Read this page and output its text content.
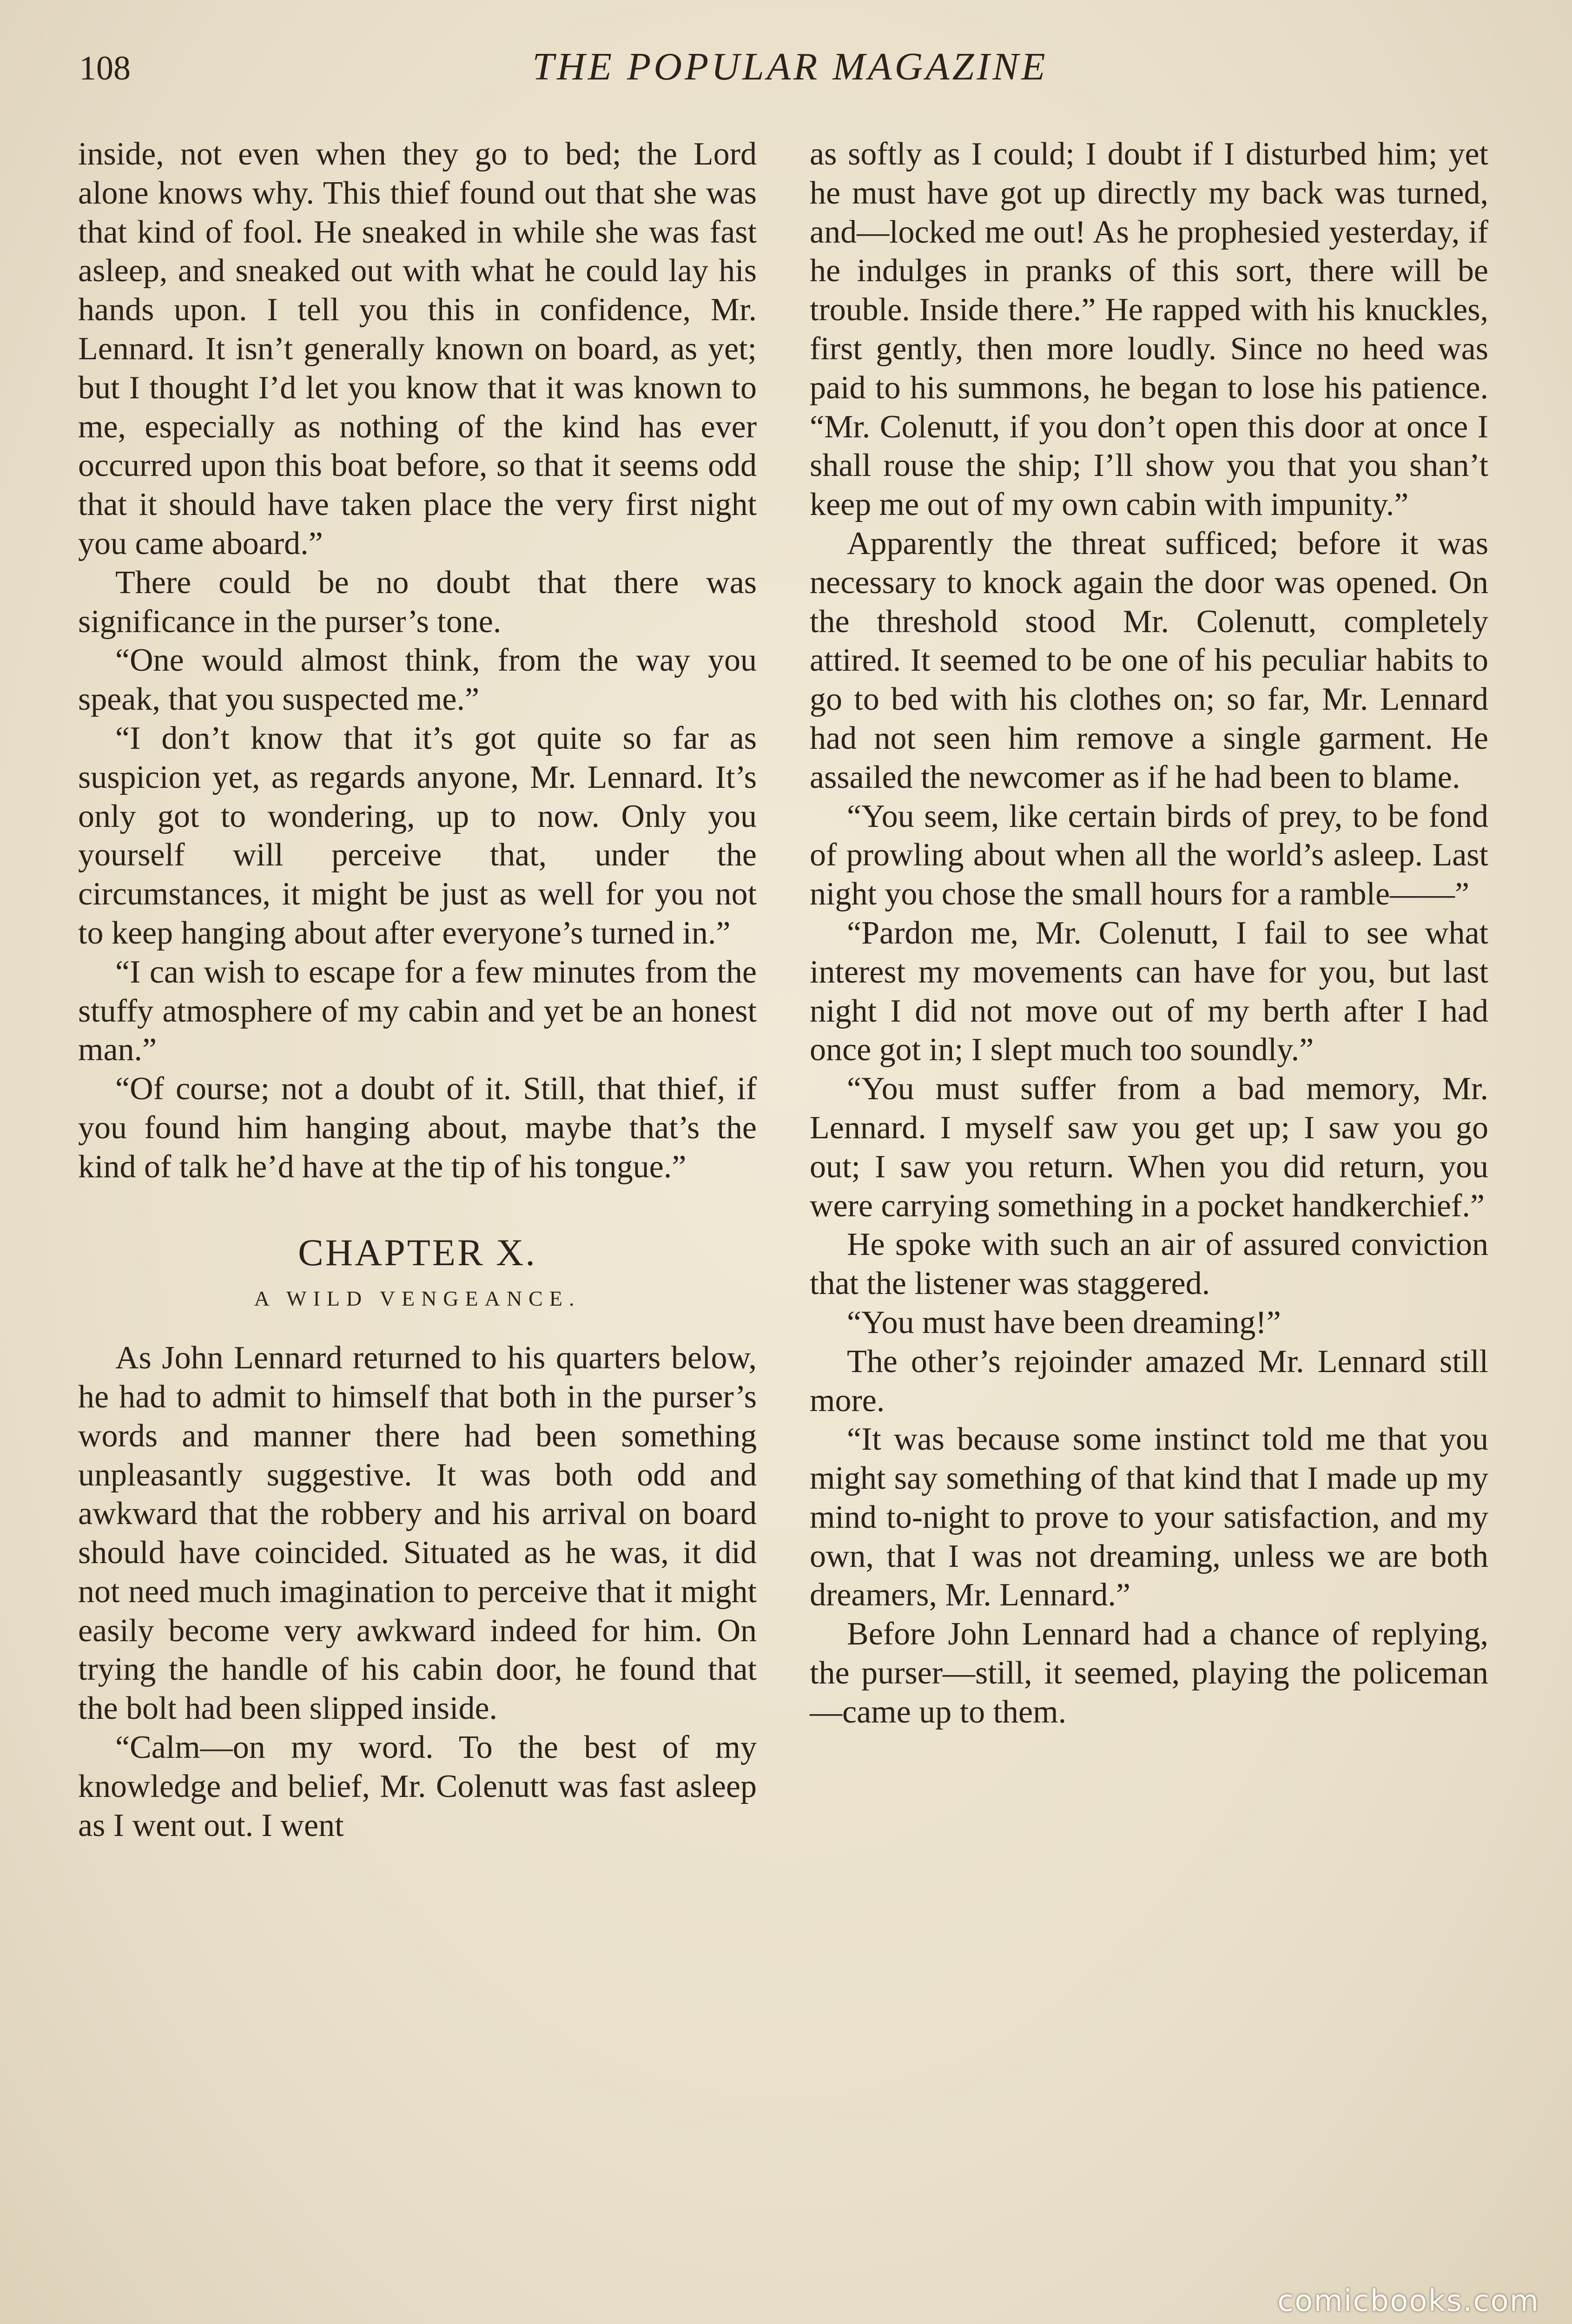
108	THE POPULAR MAGAZINE

inside, not even when they go to bed; the Lord alone knows why. This thief found out that she was that kind of fool. He sneaked in while she was fast asleep, and sneaked out with what he could lay his hands upon. I tell you this in confidence, Mr. Lennard. It isn’t generally known on board, as yet; but I thought I’d let you know that it was known to me, especially as nothing of the kind has ever occurred upon this boat before, so that it seems odd that it should have taken place the very first night you came aboard.”

There could be no doubt that there was significance in the purser’s tone.

“One would almost think, from the way you speak, that you suspected me.”

“I don’t know that it’s got quite so far as suspicion yet, as regards anyone, Mr. Lennard. It’s only got to wondering, up to now. Only you yourself will perceive that, under the circumstances, it might be just as well for you not to keep hanging about after everyone’s turned in.”

“I can wish to escape for a few minutes from the stuffy atmosphere of my cabin and yet be an honest man.”

“Of course; not a doubt of it. Still, that thief, if you found him hanging about, maybe that’s the kind of talk he’d have at the tip of his tongue.”

CHAPTER X.
A WILD VENGEANCE.

As John Lennard returned to his quarters below, he had to admit to himself that both in the purser’s words and manner there had been something unpleasantly suggestive. It was both odd and awkward that the robbery and his arrival on board should have coincided. Situated as he was, it did not need much imagination to perceive that it might easily become very awkward indeed for him. On trying the handle of his cabin door, he found that the bolt had been slipped inside.

“Calm—on my word. To the best of my knowledge and belief, Mr. Colenutt was fast asleep as I went out. I went

as softly as I could; I doubt if I disturbed him; yet he must have got up directly my back was turned, and—locked me out! As he prophesied yesterday, if he indulges in pranks of this sort, there will be trouble. Inside there.” He rapped with his knuckles, first gently, then more loudly. Since no heed was paid to his summons, he began to lose his patience. “Mr. Colenutt, if you don’t open this door at once I shall rouse the ship; I’ll show you that you shan’t keep me out of my own cabin with impunity.”

Apparently the threat sufficed; before it was necessary to knock again the door was opened. On the threshold stood Mr. Colenutt, completely attired. It seemed to be one of his peculiar habits to go to bed with his clothes on; so far, Mr. Lennard had not seen him remove a single garment. He assailed the newcomer as if he had been to blame.

“You seem, like certain birds of prey, to be fond of prowling about when all the world’s asleep. Last night you chose the small hours for a ramble——”

“Pardon me, Mr. Colenutt, I fail to see what interest my movements can have for you, but last night I did not move out of my berth after I had once got in; I slept much too soundly.”

“You must suffer from a bad memory, Mr. Lennard. I myself saw you get up; I saw you go out; I saw you return. When you did return, you were carrying something in a pocket handkerchief.”

He spoke with such an air of assured conviction that the listener was staggered.

“You must have been dreaming!”

The other’s rejoinder amazed Mr. Lennard still more.

“It was because some instinct told me that you might say something of that kind that I made up my mind to-night to prove to your satisfaction, and my own, that I was not dreaming, unless we are both dreamers, Mr. Lennard.”

Before John Lennard had a chance of replying, the purser—still, it seemed, playing the policeman—came up to them.

comicbooks.com
